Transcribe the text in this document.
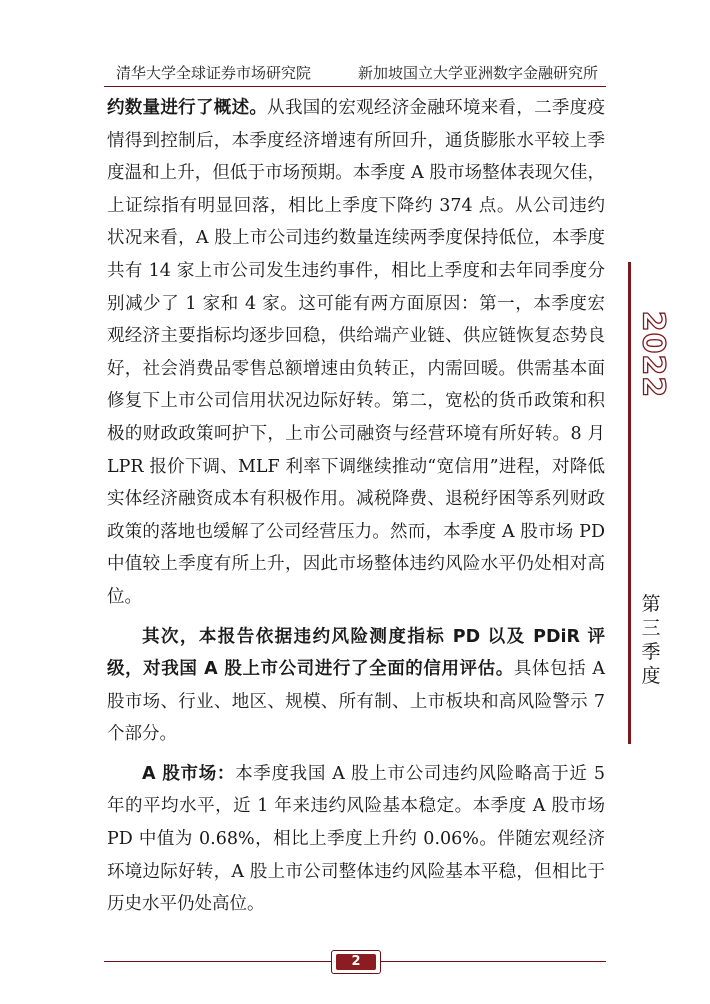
清华大学全球证券市场研究院	新加坡国立大学亚洲数字金融研究所

约数量进行了概述。从我国的宏观经济金融环境来看，二季度疫情得到控制后，本季度经济增速有所回升，通货膨胀水平较上季度温和上升，但低于市场预期。本季度 A 股市场整体表现欠佳，上证综指有明显回落，相比上季度下降约 374 点。从公司违约状况来看，A 股上市公司违约数量连续两季度保持低位，本季度共有 14 家上市公司发生违约事件，相比上季度和去年同季度分别减少了 1 家和 4 家。这可能有两方面原因：第一，本季度宏观经济主要指标均逐步回稳，供给端产业链、供应链恢复态势良好，社会消费品零售总额增速由负转正，内需回暖。供需基本面修复下上市公司信用状况边际好转。第二，宽松的货币政策和积极的财政政策呵护下，上市公司融资与经营环境有所好转。8 月 LPR 报价下调、MLF 利率下调继续推动“宽信用”进程，对降低实体经济融资成本有积极作用。减税降费、退税纾困等系列财政政策的落地也缓解了公司经营压力。然而，本季度 A 股市场 PD 中值较上季度有所上升，因此市场整体违约风险水平仍处相对高位。

其次，本报告依据违约风险测度指标 PD 以及 PDiR 评级，对我国 A 股上市公司进行了全面的信用评估。具体包括 A 股市场、行业、地区、规模、所有制、上市板块和高风险警示 7 个部分。

A 股市场：本季度我国 A 股上市公司违约风险略高于近 5 年的平均水平，近 1 年来违约风险基本稳定。本季度 A 股市场 PD 中值为 0.68%，相比上季度上升约 0.06%。伴随宏观经济环境边际好转，A 股上市公司整体违约风险基本平稳，但相比于历史水平仍处高位。

2022
第三季度
2
